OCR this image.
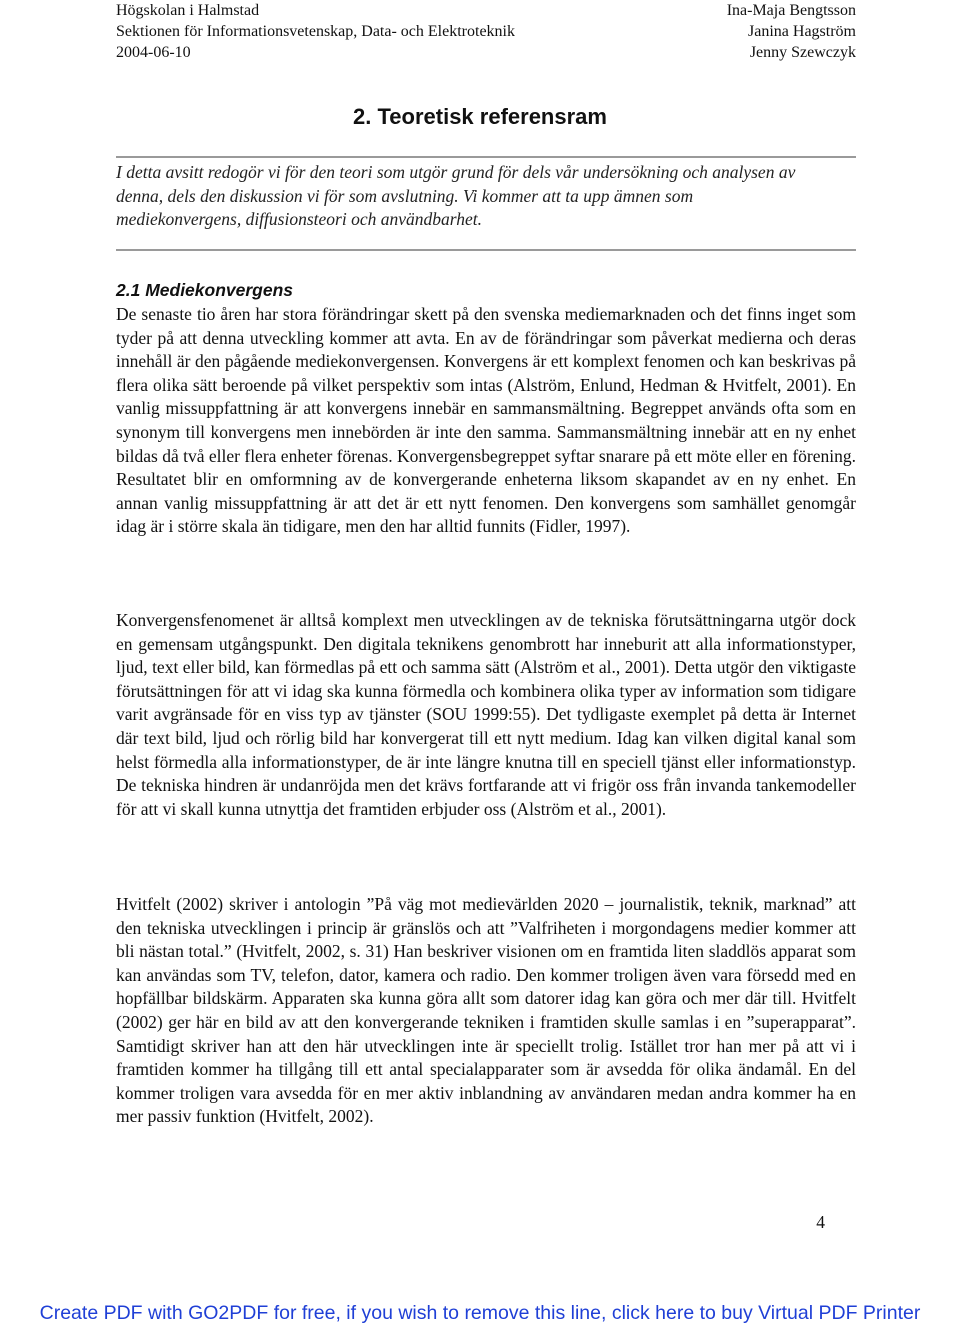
Högskolan i Halmstad
Sektionen för Informationsvetenskap, Data- och Elektroteknik
2004-06-10
Ina-Maja Bengtsson
Janina Hagström
Jenny Szewczyk
2. Teoretisk referensram

I detta avsitt redogör vi för den teori som utgör grund för dels vår undersökning och analysen av denna, dels den diskussion vi för som avslutning. Vi kommer att ta upp ämnen som mediekonvergens, diffusionsteori och användbarhet.

2.1 Mediekonvergens

De senaste tio åren har stora förändringar skett på den svenska mediemarknaden och det finns inget som tyder på att denna utveckling kommer att avta. En av de förändringar som påverkat medierna och deras innehåll är den pågående mediekonvergensen. Konvergens är ett komplext fenomen och kan beskrivas på flera olika sätt beroende på vilket perspektiv som intas (Alström, Enlund, Hedman & Hvitfelt, 2001). En vanlig missuppfattning är att konvergens innebär en sammansmältning. Begreppet används ofta som en synonym till konvergens men innebörden är inte den samma. Sammansmältning innebär att en ny enhet bildas då två eller flera enheter förenas. Konvergensbegreppet syftar snarare på ett möte eller en förening. Resultatet blir en omformning av de konvergerande enheterna liksom skapandet av en ny enhet. En annan vanlig missuppfattning är att det är ett nytt fenomen. Den konvergens som samhället genomgår idag är i större skala än tidigare, men den har alltid funnits (Fidler, 1997).

Konvergensfenomenet är alltså komplext men utvecklingen av de tekniska förutsättningarna utgör dock en gemensam utgångspunkt. Den digitala teknikens genombrott har inneburit att alla informationstyper, ljud, text eller bild, kan förmedlas på ett och samma sätt (Alström et al., 2001). Detta utgör den viktigaste förutsättningen för att vi idag ska kunna förmedla och kombinera olika typer av information som tidigare varit avgränsade för en viss typ av tjänster (SOU 1999:55). Det tydligaste exemplet på detta är Internet där text bild, ljud och rörlig bild har konvergerat till ett nytt medium. Idag kan vilken digital kanal som helst förmedla alla informationstyper, de är inte längre knutna till en speciell tjänst eller informationstyp. De tekniska hindren är undanröjda men det krävs fortfarande att vi frigör oss från invanda tankemodeller för att vi skall kunna utnyttja det framtiden erbjuder oss (Alström et al., 2001).

Hvitfelt (2002) skriver i antologin ”På väg mot medievärlden 2020 – journalistik, teknik, marknad” att den tekniska utvecklingen i princip är gränslös och att ”Valfriheten i morgondagens medier kommer att bli nästan total.” (Hvitfelt, 2002, s. 31) Han beskriver visionen om en framtida liten sladdlös apparat som kan användas som TV, telefon, dator, kamera och radio. Den kommer troligen även vara försedd med en hopfällbar bildskärm. Apparaten ska kunna göra allt som datorer idag kan göra och mer där till. Hvitfelt (2002) ger här en bild av att den konvergerande tekniken i framtiden skulle samlas i en ”superapparat”. Samtidigt skriver han att den här utvecklingen inte är speciellt trolig. Istället tror han mer på att vi i framtiden kommer ha tillgång till ett antal specialapparater som är avsedda för olika ändamål. En del kommer troligen vara avsedda för en mer aktiv inblandning av användaren medan andra kommer ha en mer passiv funktion (Hvitfelt, 2002).

4
Create PDF with GO2PDF for free, if you wish to remove this line, click here to buy Virtual PDF Printer
